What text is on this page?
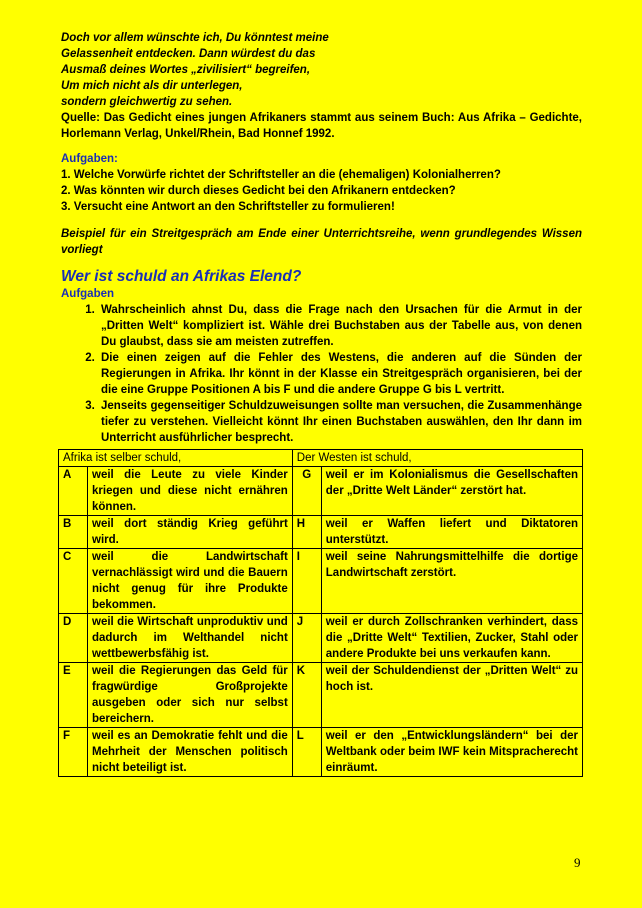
Doch vor allem wünschte ich, Du könntest meine
Gelassenheit entdecken. Dann würdest du das
Ausmaß deines Wortes „zivilisiert“ begreifen,
Um mich nicht als dir unterlegen,
sondern gleichwertig zu sehen.
Quelle: Das Gedicht eines jungen Afrikaners stammt aus seinem Buch: Aus Afrika – Gedichte, Horlemann Verlag, Unkel/Rhein, Bad Honnef 1992.
Aufgaben:
1. Welche Vorwürfe richtet der Schriftsteller an die (ehemaligen) Kolonialherren?
2. Was könnten wir durch dieses Gedicht bei den Afrikanern entdecken?
3. Versucht eine Antwort an den Schriftsteller zu formulieren!
Beispiel für ein Streitgespräch am Ende einer Unterrichtsreihe, wenn grundlegendes Wissen vorliegt
Wer ist schuld an Afrikas Elend?
Aufgaben
1. Wahrscheinlich ahnst Du, dass die Frage nach den Ursachen für die Armut in der „Dritten Welt“ kompliziert ist. Wähle drei Buchstaben aus der Tabelle aus, von denen Du glaubst, dass sie am meisten zutreffen.
2. Die einen zeigen auf die Fehler des Westens, die anderen auf die Sünden der Regierungen in Afrika. Ihr könnt in der Klasse ein Streitgespräch organisieren, bei der die eine Gruppe Positionen A bis F und die andere Gruppe G bis L vertritt.
3. Jenseits gegenseitiger Schuldzuweisungen sollte man versuchen, die Zusammenhänge tiefer zu verstehen. Vielleicht könnt Ihr einen Buchstaben auswählen, den Ihr dann im Unterricht ausführlicher besprecht.
Afrika ist selber schuld,		Der Westen ist schuld,	
A	weil die Leute zu viele Kinder kriegen und diese nicht ernähren können.	G	weil er im Kolonialismus die Gesellschaften der „Dritte Welt Länder“ zerstört hat.
B	weil dort ständig Krieg geführt wird.	H	weil er Waffen liefert und Diktatoren unterstützt.
C	weil die Landwirtschaft vernachlässigt wird und die Bauern nicht genug für ihre Produkte bekommen.	I	weil seine Nahrungsmittelhilfe die dortige Landwirtschaft zerstört.
D	weil die Wirtschaft unproduktiv und dadurch im Welthandel nicht wettbewerbsfähig ist.	J	weil er durch Zollschranken verhindert, dass die „Dritte Welt“ Textilien, Zucker, Stahl oder andere Produkte bei uns verkaufen kann.
E	weil die Regierungen das Geld für fragwürdige Großprojekte ausgeben oder sich nur selbst bereichern.	K	weil der Schuldendienst der „Dritten Welt“ zu hoch ist.
F	weil es an Demokratie fehlt und die Mehrheit der Menschen politisch nicht beteiligt ist.	L	weil er den „Entwicklungsländern“ bei der Weltbank oder beim IWF kein Mitspracherecht einräumt.
9
